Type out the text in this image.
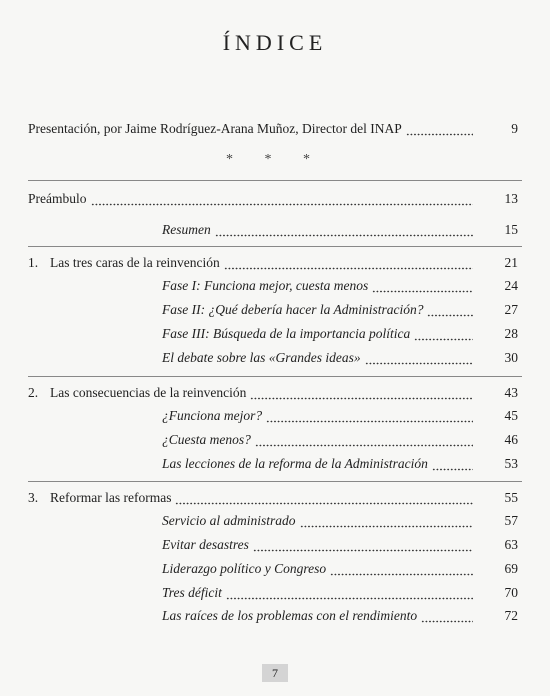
ÍNDICE
Presentación, por Jaime Rodríguez-Arana Muñoz, Director del INAP	9
* * *
Preámbulo	13
Resumen	15
1. Las tres caras de la reinvención	21
Fase I: Funciona mejor, cuesta menos	24
Fase II: ¿Qué debería hacer la Administración?	27
Fase III: Búsqueda de la importancia política	28
El debate sobre las «Grandes ideas»	30
2. Las consecuencias de la reinvención	43
¿Funciona mejor?	45
¿Cuesta menos?	46
Las lecciones de la reforma de la Administración	53
3. Reformar las reformas	55
Servicio al administrado	57
Evitar desastres	63
Liderazgo político y Congreso	69
Tres déficit	70
Las raíces de los problemas con el rendimiento	72
7
